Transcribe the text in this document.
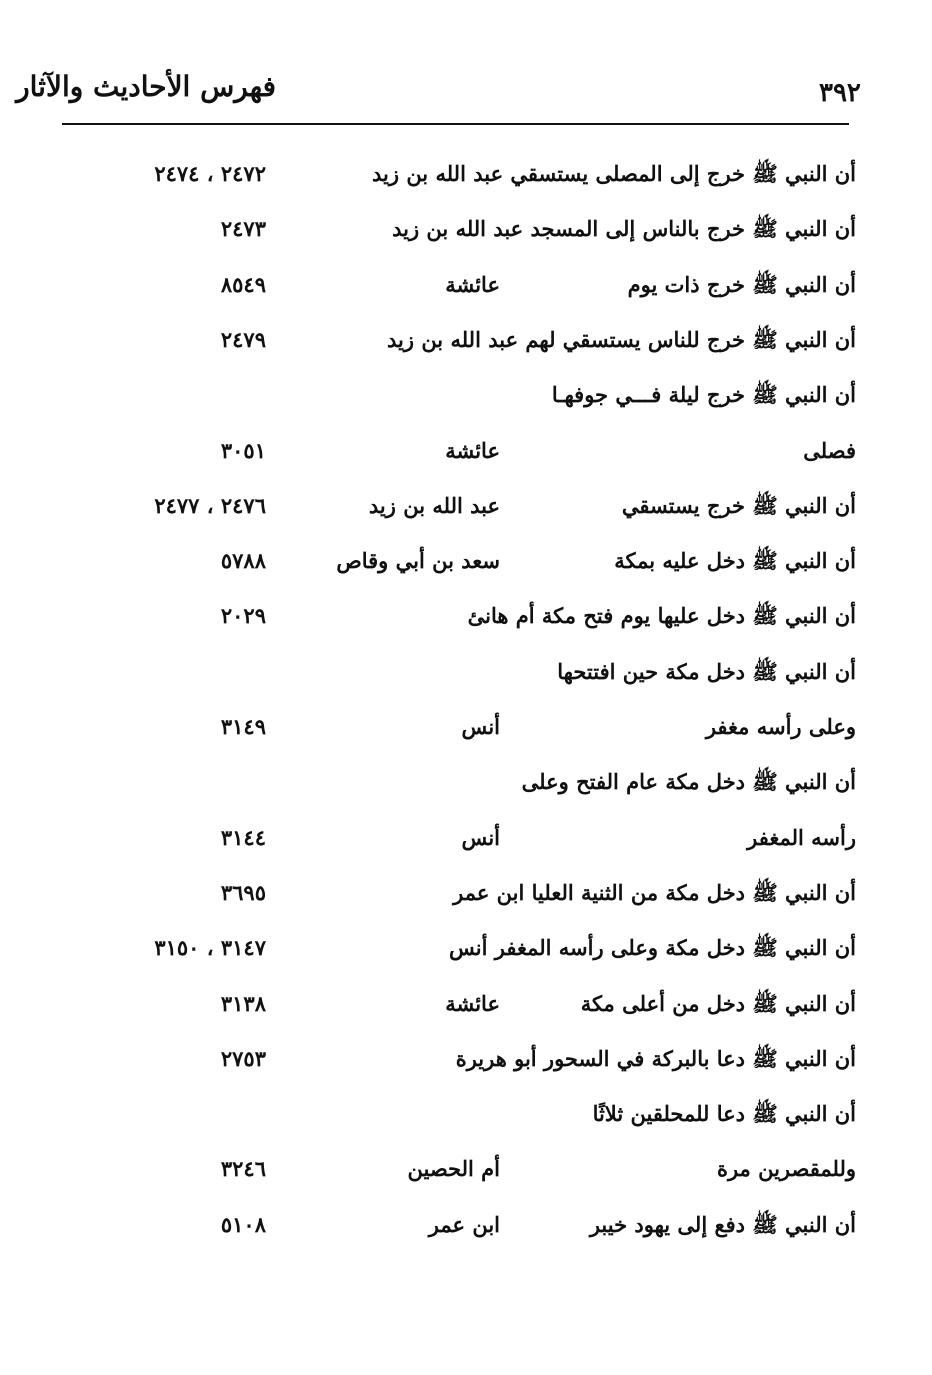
فهرس الأحاديث والآثار	٣٩٢
أن النبي ﷺ خرج إلى المصلى يستسقي عبد الله بن زيد
٢٤٧٢ ، ٢٤٧٤
أن النبي ﷺ خرج بالناس إلى المسجد عبد الله بن زيد
٢٤٧٣
أن النبي ﷺ خرج ذات يوم
عائشة
٨٥٤٩
أن النبي ﷺ خرج للناس يستسقي لهم عبد الله بن زيد
٢٤٧٩
أن النبي ﷺ خرج ليلة فـــي جوفهـا
فصلى
عائشة
٣٠٥١
أن النبي ﷺ خرج يستسقي
عبد الله بن زيد
٢٤٧٦ ، ٢٤٧٧
أن النبي ﷺ دخل عليه بمكة
سعد بن أبي وقاص
٥٧٨٨
أن النبي ﷺ دخل عليها يوم فتح مكة أم هانئ
٢٠٢٩
أن النبي ﷺ دخل مكة حين افتتحها
وعلى رأسه مغفر
أنس
٣١٤٩
أن النبي ﷺ دخل مكة عام الفتح وعلى
رأسه المغفر
أنس
٣١٤٤
أن النبي ﷺ دخل مكة من الثنية العليا ابن عمر
٣٦٩٥
أن النبي ﷺ دخل مكة وعلى رأسه المغفر أنس
٣١٤٧ ، ٣١٥٠
أن النبي ﷺ دخل من أعلى مكة
عائشة
٣١٣٨
أن النبي ﷺ دعا بالبركة في السحور أبو هريرة
٢٧٥٣
أن النبي ﷺ دعا للمحلقين ثلاثًا
وللمقصرين مرة
أم الحصين
٣٢٤٦
أن النبي ﷺ دفع إلى يهود خيبر
ابن عمر
٥١٠٨
